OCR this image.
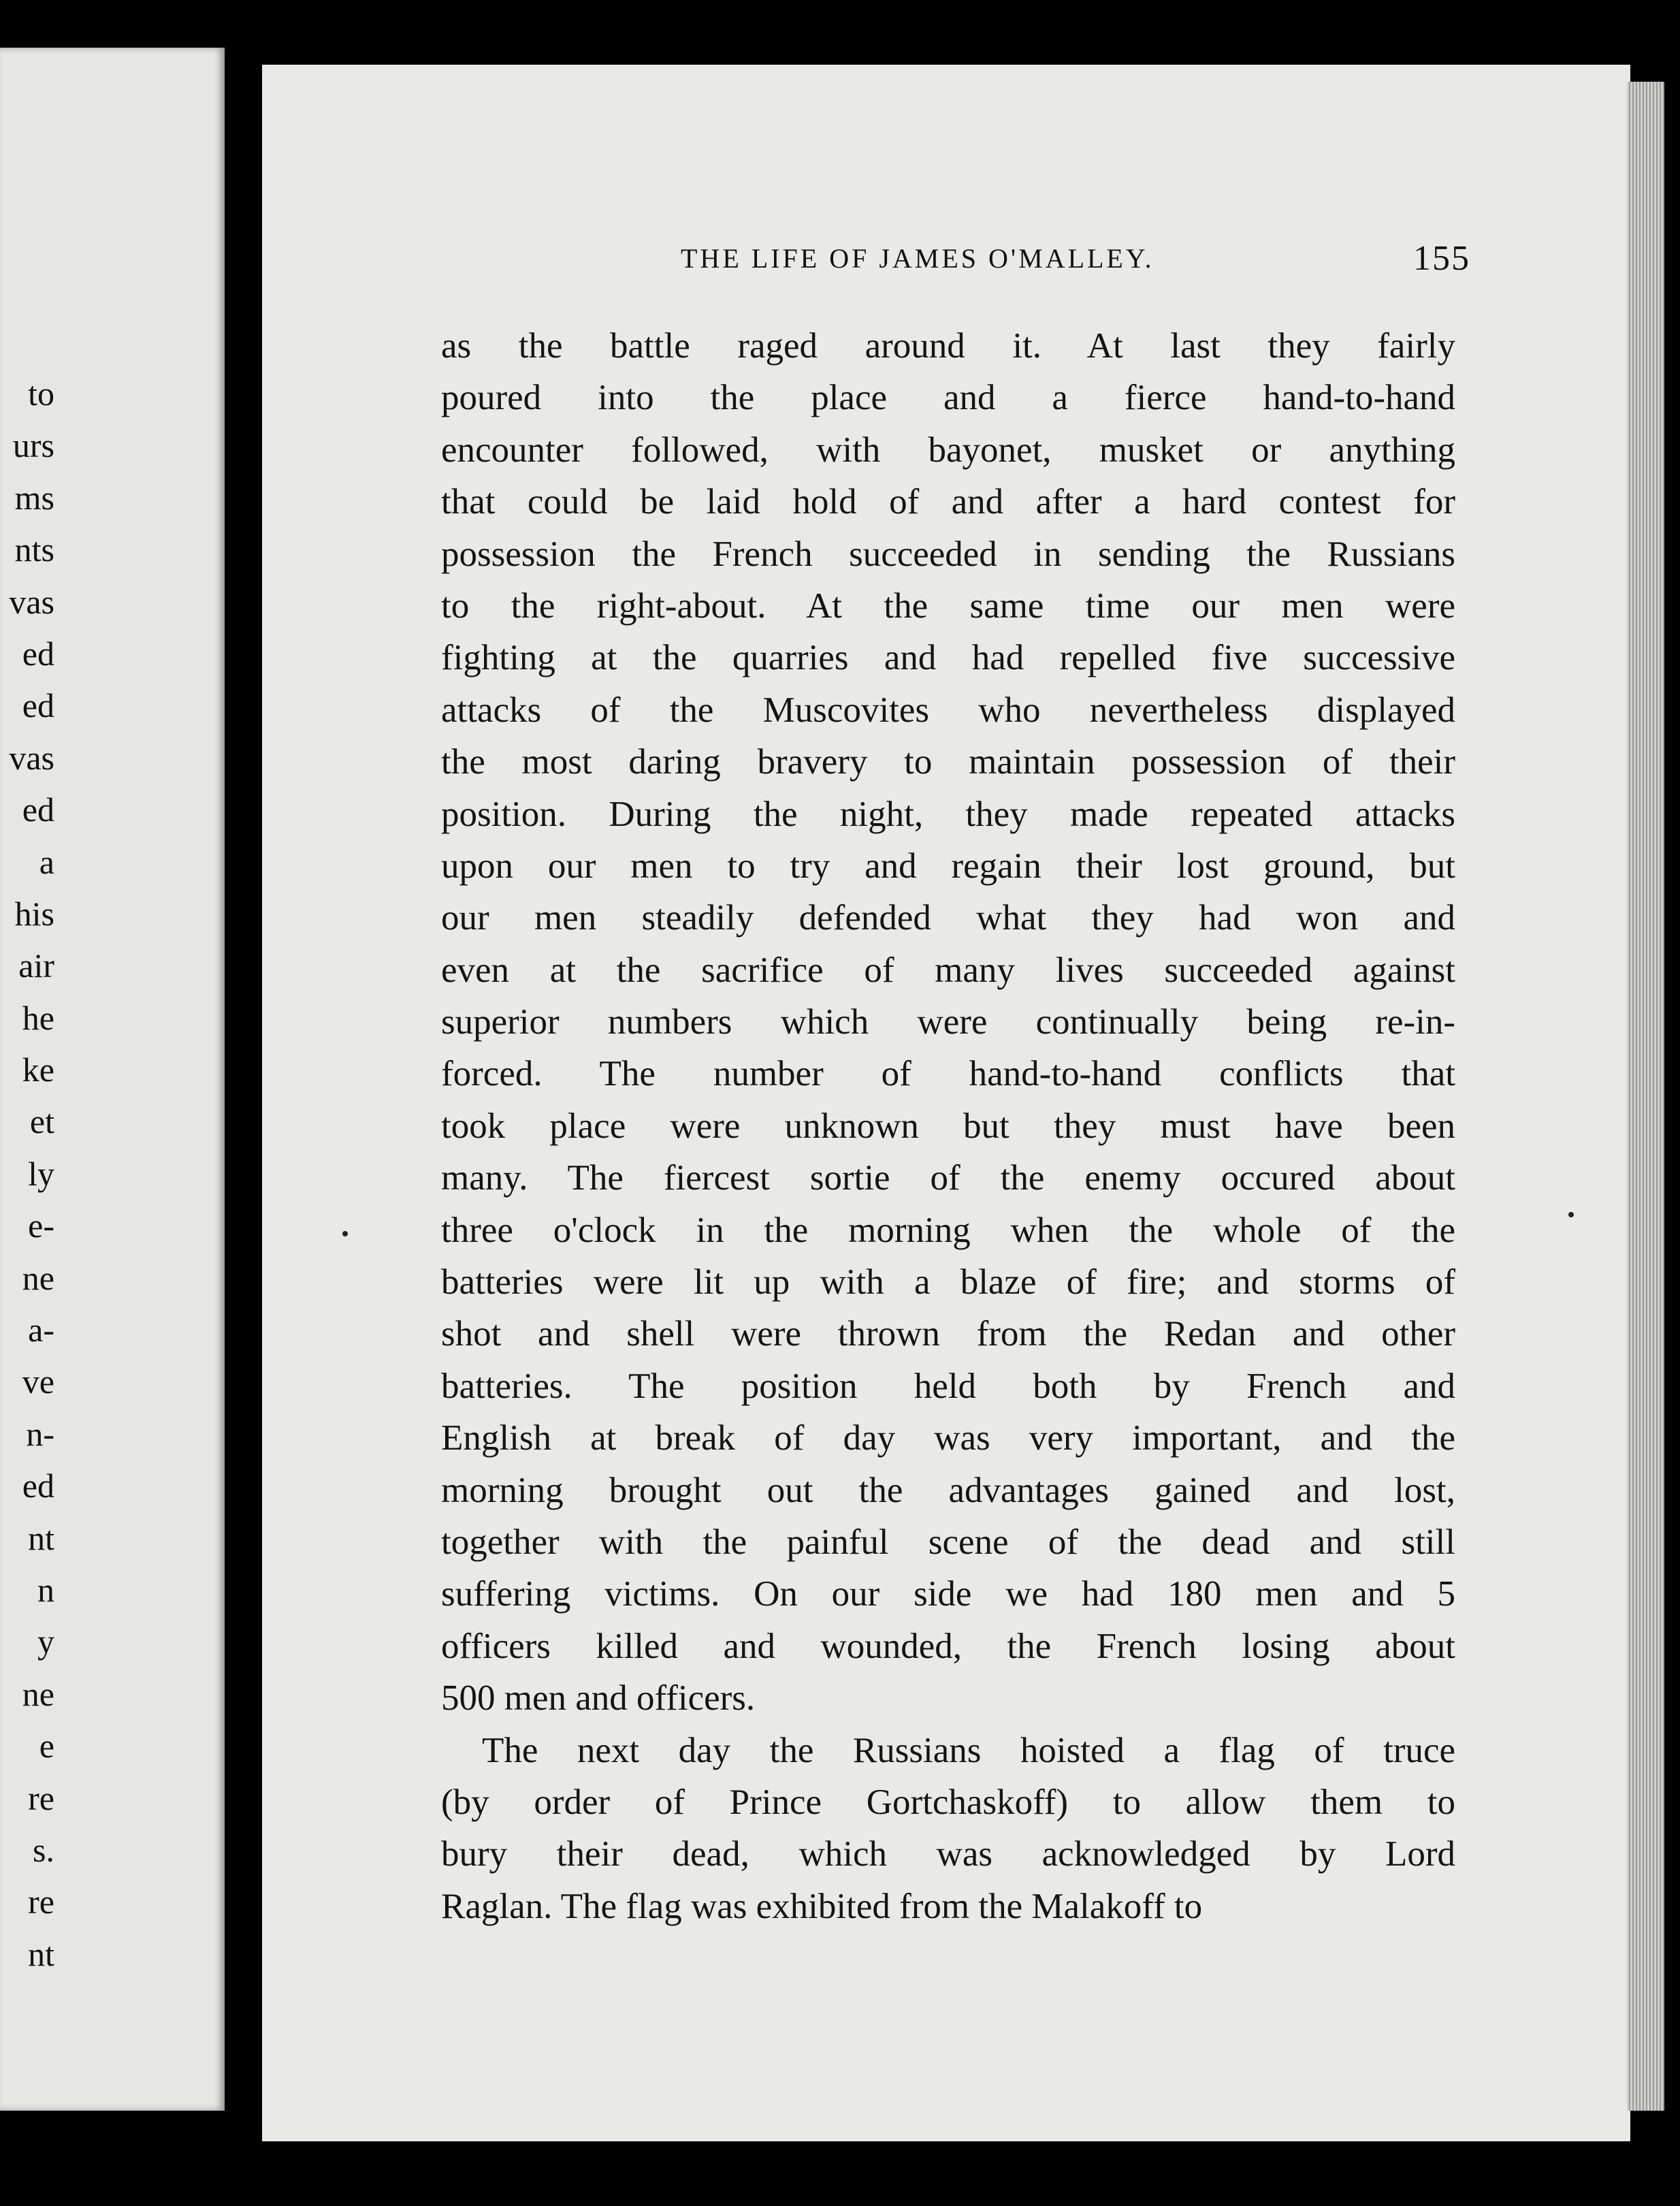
to
urs
ms
nts
vas
ed
ed
vas
ed
a
his
air
he
ke
et
ly
e-
ne
a-
ve
n-
ed
nt
n
y
ne
e
re
s.
re
nt
THE LIFE OF JAMES O'MALLEY.	155
as the battle raged around it. At last they fairly
poured into the place and a fierce hand-to-hand
encounter followed, with bayonet, musket or anything
that could be laid hold of and after a hard contest for
possession the French succeeded in sending the Russians
to the right-about. At the same time our men were
fighting at the quarries and had repelled five successive
attacks of the Muscovites who nevertheless displayed
the most daring bravery to maintain possession of their
position. During the night, they made repeated attacks
upon our men to try and regain their lost ground, but
our men steadily defended what they had won and
even at the sacrifice of many lives succeeded against
superior numbers which were continually being re-in-
forced. The number of hand-to-hand conflicts that
took place were unknown but they must have been
many. The fiercest sortie of the enemy occured about
three o'clock in the morning when the whole of the
batteries were lit up with a blaze of fire; and storms of
shot and shell were thrown from the Redan and other
batteries. The position held both by French and
English at break of day was very important, and the
morning brought out the advantages gained and lost,
together with the painful scene of the dead and still
suffering victims. On our side we had 180 men and 5
officers killed and wounded, the French losing about
500 men and officers.
The next day the Russians hoisted a flag of truce
(by order of Prince Gortchaskoff) to allow them to
bury their dead, which was acknowledged by Lord
Raglan. The flag was exhibited from the Malakoff to
